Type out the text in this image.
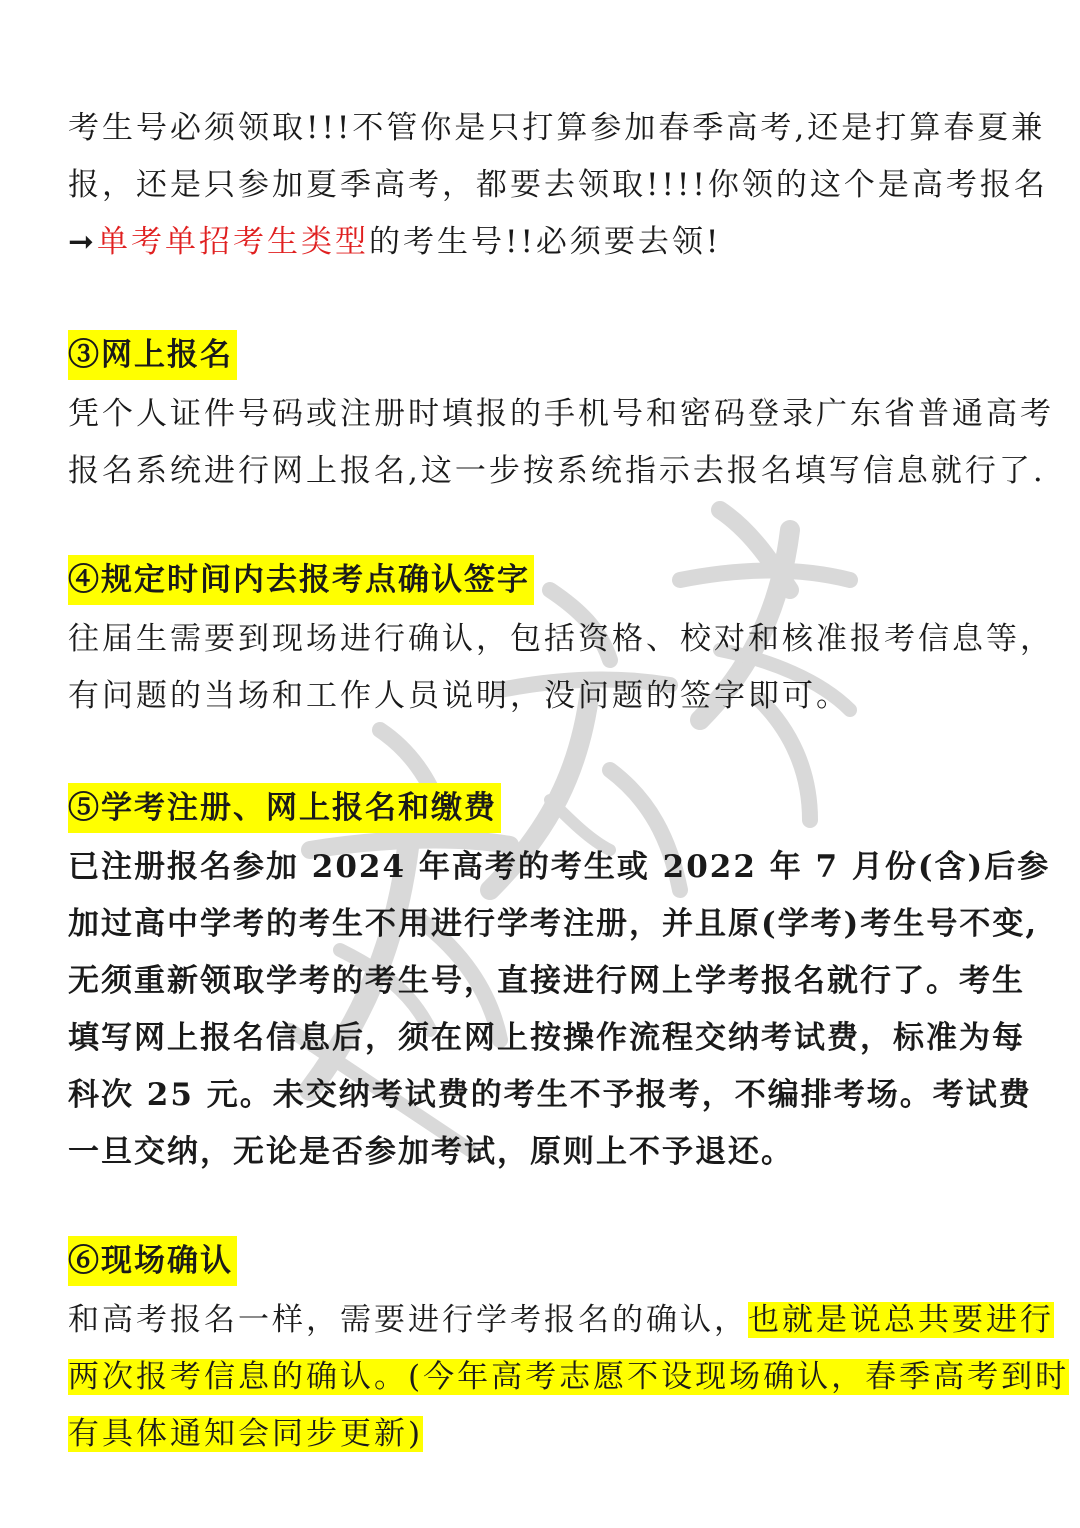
考生号必须领取!!!不管你是只打算参加春季高考,还是打算春夏兼
报，还是只参加夏季高考，都要去领取!!!!你领的这个是高考报名
➞单考单招考生类型的考生号!!必须要去领!
③网上报名
凭个人证件号码或注册时填报的手机号和密码登录广东省普通高考
报名系统进行网上报名,这一步按系统指示去报名填写信息就行了.
④规定时间内去报考点确认签字
往届生需要到现场进行确认，包括资格、校对和核准报考信息等，
有问题的当场和工作人员说明，没问题的签字即可。
⑤学考注册、网上报名和缴费
已注册报名参加 2024 年高考的考生或 2022 年 7 月份(含)后参
加过高中学考的考生不用进行学考注册，并且原(学考)考生号不变,
无须重新领取学考的考生号，直接进行网上学考报名就行了。考生
填写网上报名信息后，须在网上按操作流程交纳考试费，标准为每
科次 25 元。未交纳考试费的考生不予报考，不编排考场。考试费
一旦交纳，无论是否参加考试，原则上不予退还。
⑥现场确认
和高考报名一样，需要进行学考报名的确认，也就是说总共要进行
两次报考信息的确认。(今年高考志愿不设现场确认，春季高考到时
有具体通知会同步更新)
